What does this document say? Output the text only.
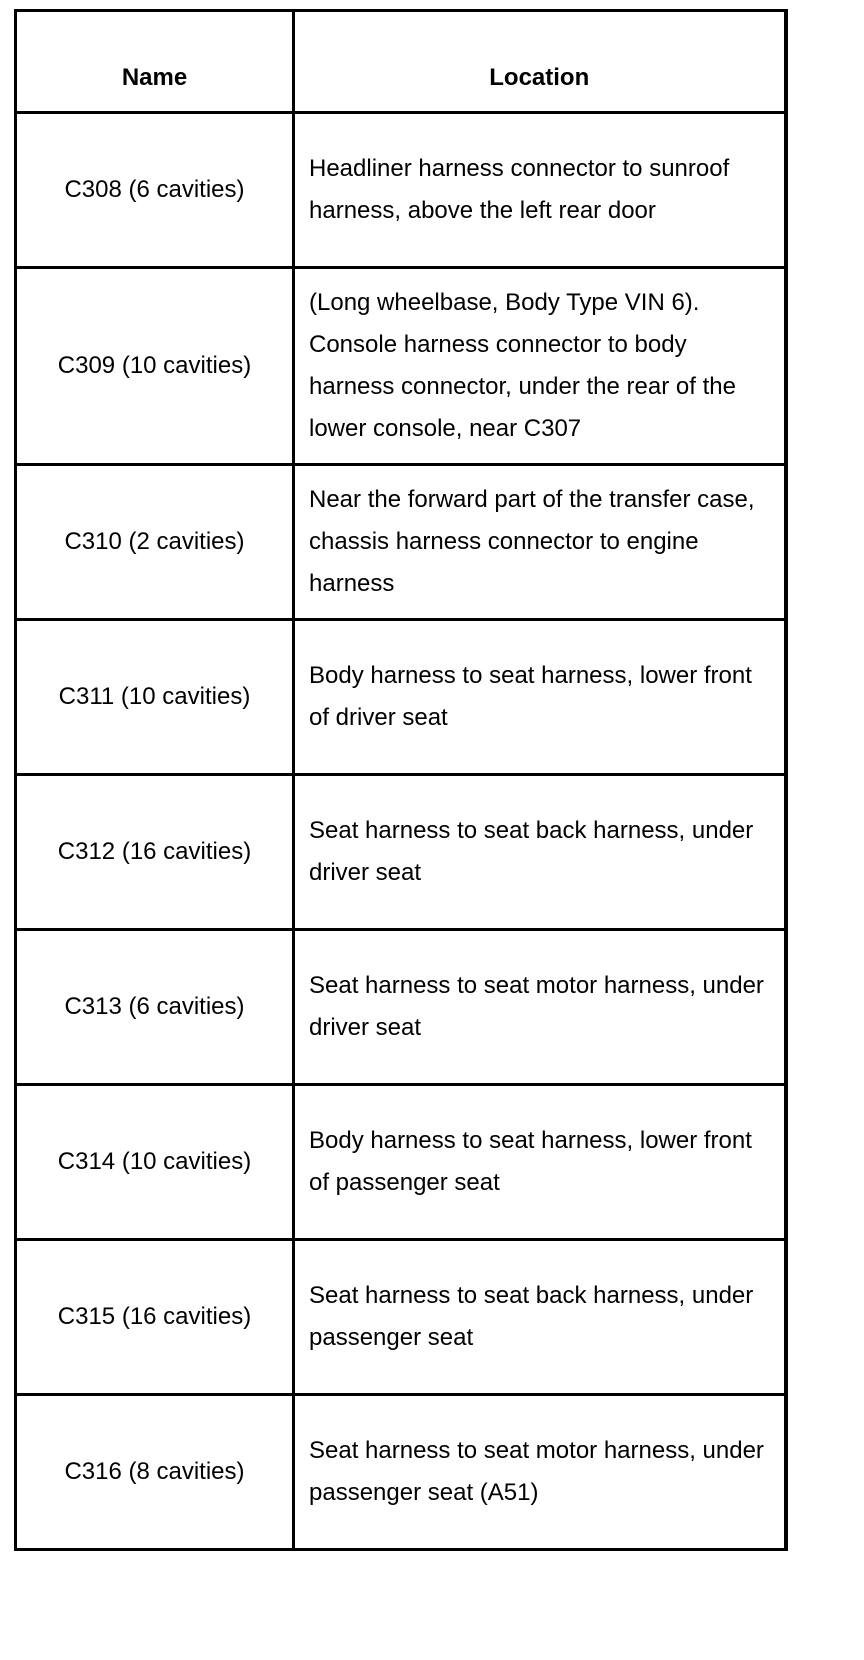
Name	Location
C308 (6 cavities)	Headliner harness connector to sunroof harness, above the left rear door
C309 (10 cavities)	(Long wheelbase, Body Type VIN 6). Console harness connector to body harness connector, under the rear of the lower console, near C307
C310 (2 cavities)	Near the forward part of the transfer case, chassis harness connector to engine harness
C311 (10 cavities)	Body harness to seat harness, lower front of driver seat
C312 (16 cavities)	Seat harness to seat back harness, under driver seat
C313 (6 cavities)	Seat harness to seat motor harness, under driver seat
C314 (10 cavities)	Body harness to seat harness, lower front of passenger seat
C315 (16 cavities)	Seat harness to seat back harness, under passenger seat
C316 (8 cavities)	Seat harness to seat motor harness, under passenger seat (A51)
